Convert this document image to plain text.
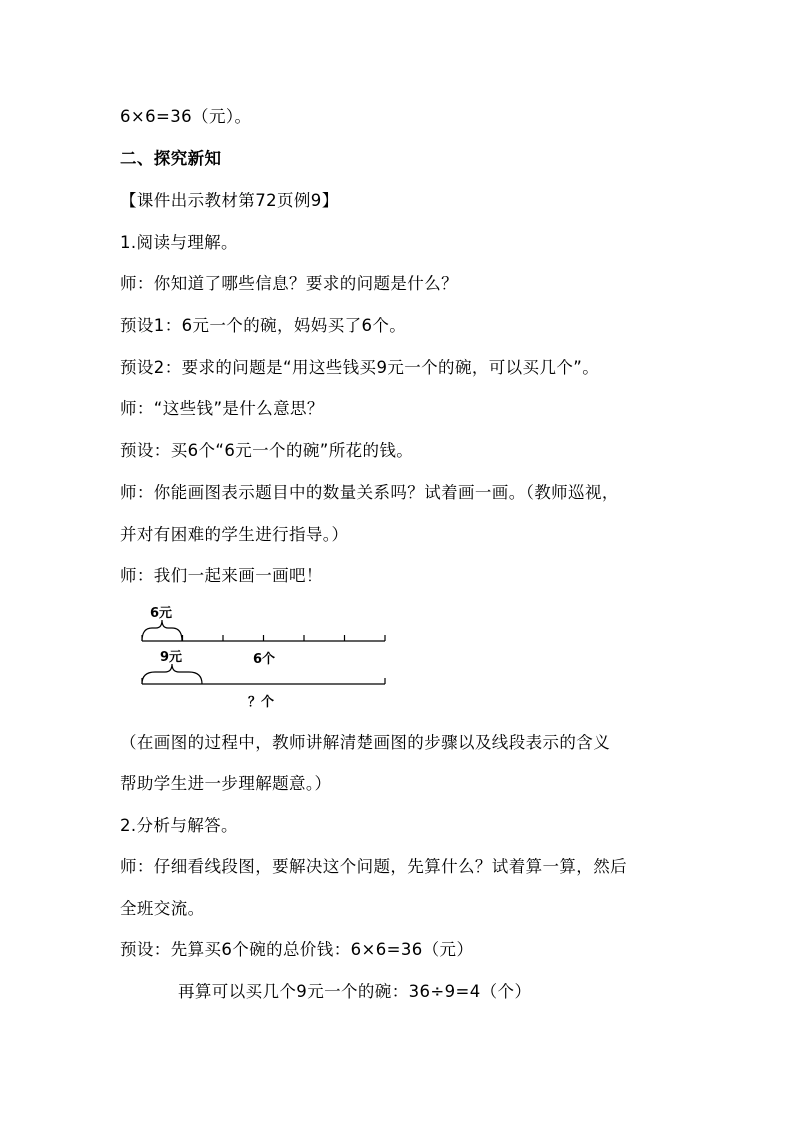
6×6=36（元）。
二、探究新知
【课件出示教材第72页例9】
1.阅读与理解。
师：你知道了哪些信息？要求的问题是什么？
预设1：6元一个的碗，妈妈买了6个。
预设2：要求的问题是“用这些钱买9元一个的碗，可以买几个”。
师：“这些钱”是什么意思？
预设：买6个“6元一个的碗”所花的钱。
师：你能画图表示题目中的数量关系吗？试着画一画。（教师巡视，
并对有困难的学生进行指导。）
师：我们一起来画一画吧！
6元
6个
9元
？个
（在画图的过程中，教师讲解清楚画图的步骤以及线段表示的含义
帮助学生进一步理解题意。）
2.分析与解答。
师：仔细看线段图，要解决这个问题，先算什么？试着算一算，然后
全班交流。
预设：先算买6个碗的总价钱：6×6=36（元）
再算可以买几个9元一个的碗：36÷9=4（个）
